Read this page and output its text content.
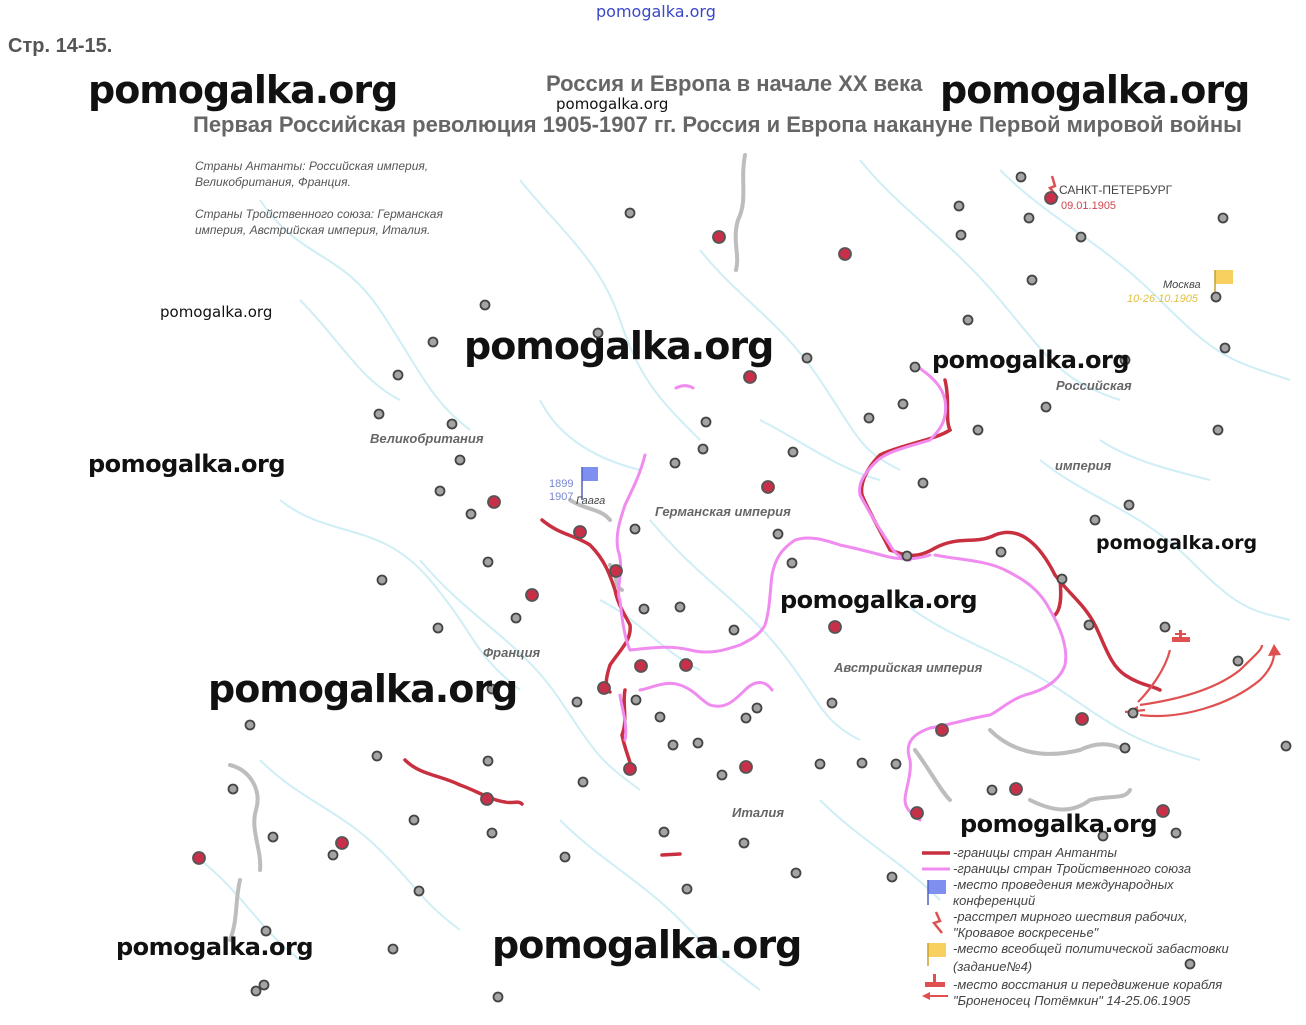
pomogalka.org
Стр. 14-15.
Россия и Европа в начале XX века
Первая Российская революция 1905-1907 гг. Россия и Европа накануне Первой мировой войны
Страны Антанты: Российская империя,
Великобритания, Франция.
Страны Тройственного союза: Германская
империя, Австрийская империя, Италия.
Великобритания
Франция
Германская империя
Австрийская империя
Италия
Российская
империя
САНКТ-ПЕТЕРБУРГ
09.01.1905
Москва
10-26.10.1905
Гаага
1899
1907
-границы стран Антанты
-границы стран Тройственного союза
-место проведения международных
конференций
-расстрел мирного шествия рабочих,
"Кровавое воскресенье"
-место всеобщей политической забастовки
(задание№4)
-место восстания и передвижение корабля
"Броненосец Потёмкин" 14-25.06.1905
pomogalka.org	pomogalka.org
pomogalka.org
pomogalka.org
pomogalka.org	pomogalka.org
pomogalka.org
pomogalka.org
pomogalka.org
pomogalka.org
pomogalka.org
pomogalka.org	pomogalka.org
